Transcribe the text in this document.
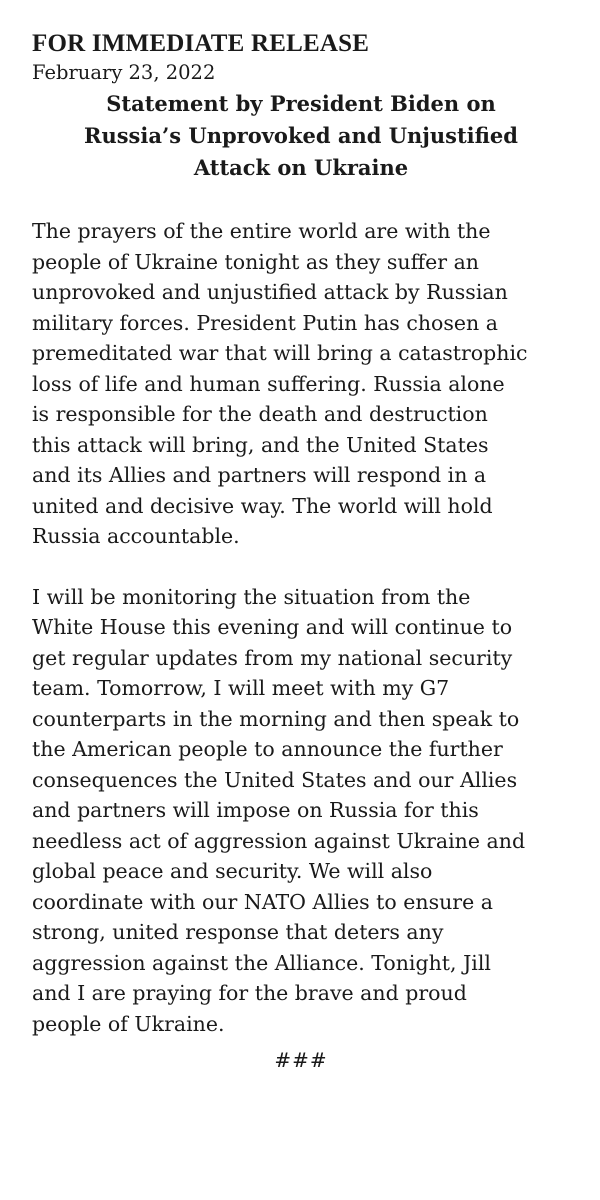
FOR IMMEDIATE RELEASE

February 23, 2022

Statement by President Biden on
Russia’s Unprovoked and Unjustified
Attack on Ukraine

The prayers of the entire world are with the
people of Ukraine tonight as they suffer an
unprovoked and unjustified attack by Russian
military forces. President Putin has chosen a
premeditated war that will bring a catastrophic
loss of life and human suffering. Russia alone
is responsible for the death and destruction
this attack will bring, and the United States
and its Allies and partners will respond in a
united and decisive way. The world will hold
Russia accountable.

I will be monitoring the situation from the
White House this evening and will continue to
get regular updates from my national security
team. Tomorrow, I will meet with my G7
counterparts in the morning and then speak to
the American people to announce the further
consequences the United States and our Allies
and partners will impose on Russia for this
needless act of aggression against Ukraine and
global peace and security. We will also
coordinate with our NATO Allies to ensure a
strong, united response that deters any
aggression against the Alliance. Tonight, Jill
and I are praying for the brave and proud
people of Ukraine.

###
